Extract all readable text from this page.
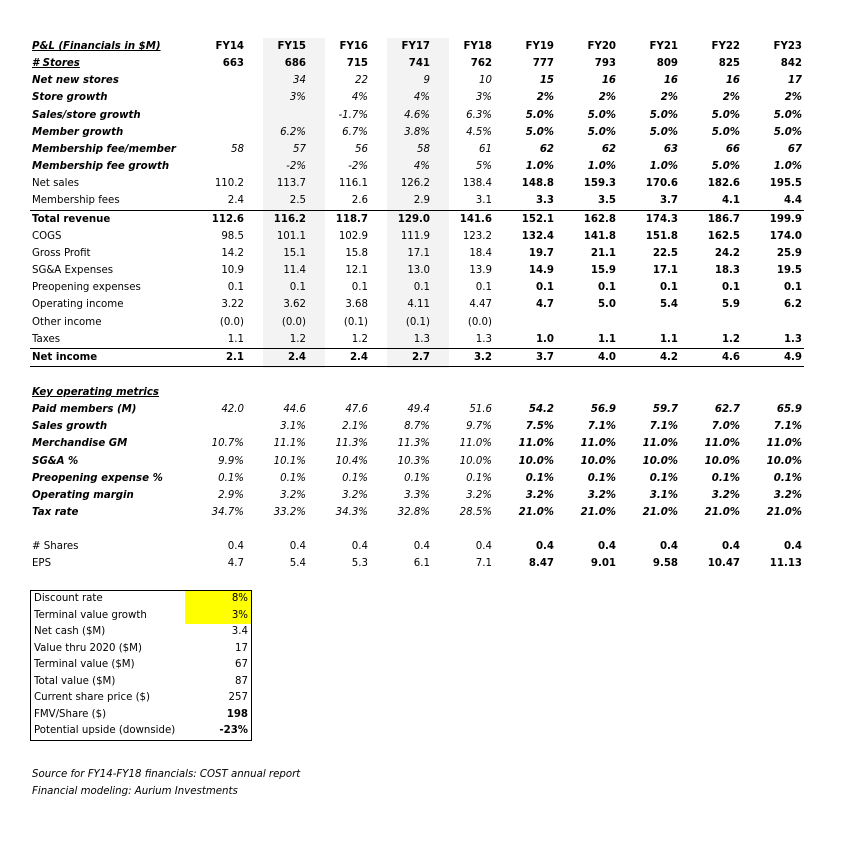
P&L (Financials in $M)	FY14	FY15	FY16	FY17	FY18	FY19	FY20	FY21	FY22	FY23
# Stores	663	686	715	741	762	777	793	809	825	842
Net new stores		34	22	9	10	15	16	16	16	17
Store growth		3%	4%	4%	3%	2%	2%	2%	2%	2%
Sales/store growth			-1.7%	4.6%	6.3%	5.0%	5.0%	5.0%	5.0%	5.0%
Member growth		6.2%	6.7%	3.8%	4.5%	5.0%	5.0%	5.0%	5.0%	5.0%
Membership fee/member	58	57	56	58	61	62	62	63	66	67
Membership fee growth		-2%	-2%	4%	5%	1.0%	1.0%	1.0%	5.0%	1.0%
Net sales	110.2	113.7	116.1	126.2	138.4	148.8	159.3	170.6	182.6	195.5
Membership fees	2.4	2.5	2.6	2.9	3.1	3.3	3.5	3.7	4.1	4.4
Total revenue	112.6	116.2	118.7	129.0	141.6	152.1	162.8	174.3	186.7	199.9
COGS	98.5	101.1	102.9	111.9	123.2	132.4	141.8	151.8	162.5	174.0
Gross Profit	14.2	15.1	15.8	17.1	18.4	19.7	21.1	22.5	24.2	25.9
SG&A Expenses	10.9	11.4	12.1	13.0	13.9	14.9	15.9	17.1	18.3	19.5
Preopening expenses	0.1	0.1	0.1	0.1	0.1	0.1	0.1	0.1	0.1	0.1
Operating income	3.22	3.62	3.68	4.11	4.47	4.7	5.0	5.4	5.9	6.2
Other income	(0.0)	(0.0)	(0.1)	(0.1)	(0.0)					
Taxes	1.1	1.2	1.2	1.3	1.3	1.0	1.1	1.1	1.2	1.3
Net income	2.1	2.4	2.4	2.7	3.2	3.7	4.0	4.2	4.6	4.9

Key operating metrics										
Paid members (M)	42.0	44.6	47.6	49.4	51.6	54.2	56.9	59.7	62.7	65.9
Sales growth		3.1%	2.1%	8.7%	9.7%	7.5%	7.1%	7.1%	7.0%	7.1%
Merchandise GM	10.7%	11.1%	11.3%	11.3%	11.0%	11.0%	11.0%	11.0%	11.0%	11.0%
SG&A %	9.9%	10.1%	10.4%	10.3%	10.0%	10.0%	10.0%	10.0%	10.0%	10.0%
Preopening expense %	0.1%	0.1%	0.1%	0.1%	0.1%	0.1%	0.1%	0.1%	0.1%	0.1%
Operating margin	2.9%	3.2%	3.2%	3.3%	3.2%	3.2%	3.2%	3.1%	3.2%	3.2%
Tax rate	34.7%	33.2%	34.3%	32.8%	28.5%	21.0%	21.0%	21.0%	21.0%	21.0%

# Shares	0.4	0.4	0.4	0.4	0.4	0.4	0.4	0.4	0.4	0.4
EPS	4.7	5.4	5.3	6.1	7.1	8.47	9.01	9.58	10.47	11.13
Discount rate	8%
Terminal value growth	3%
Net cash ($M)	3.4
Value thru 2020 ($M)	17
Terminal value ($M)	67
Total value ($M)	87
Current share price ($)	257
FMV/Share ($)	198
Potential upside (downside)	-23%
Source for FY14-FY18 financials: COST annual report
Financial modeling: Aurium Investments
